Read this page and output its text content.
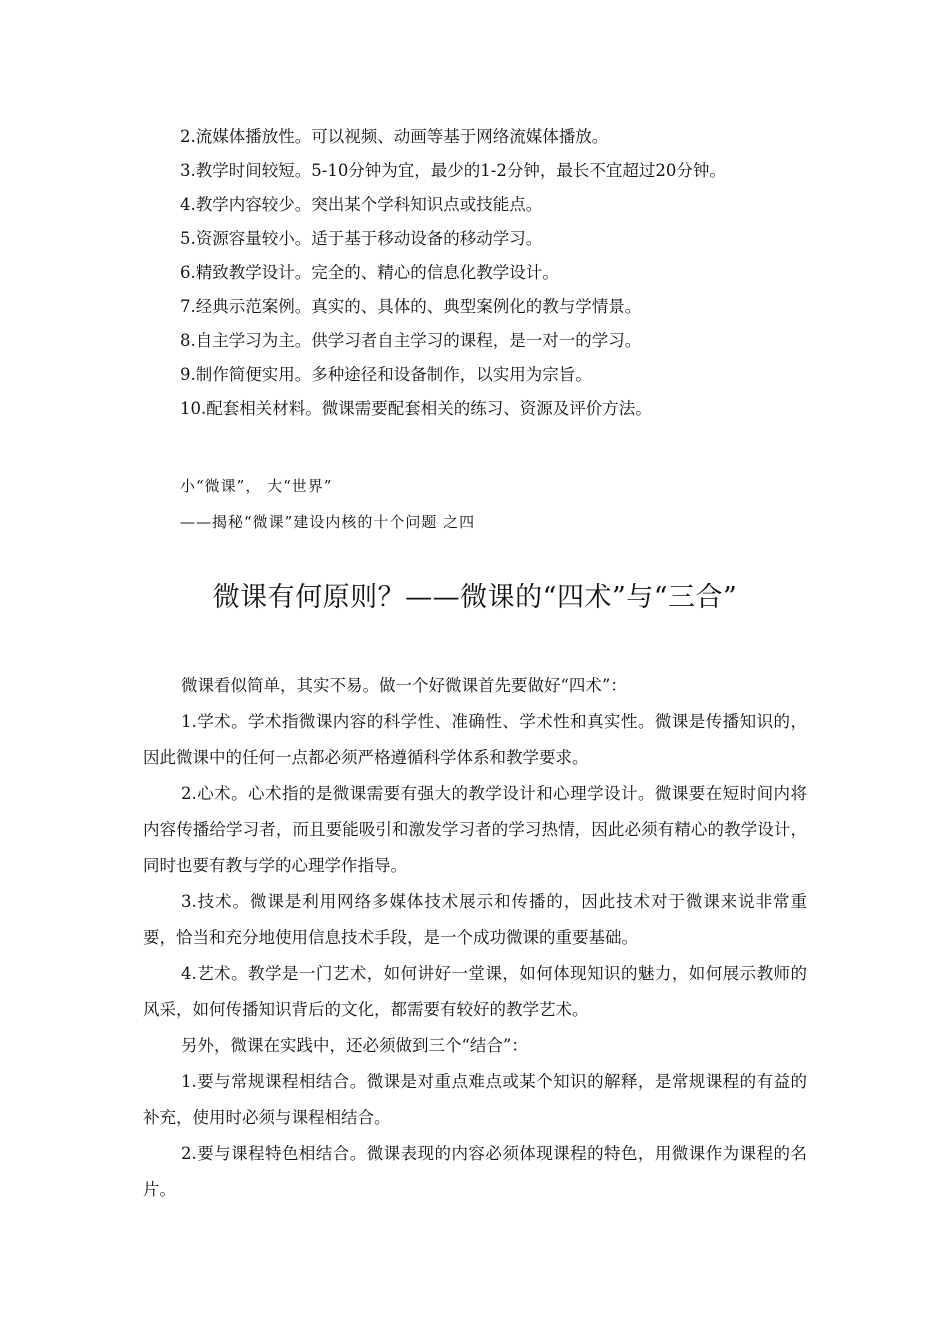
2.流媒体播放性。可以视频、动画等基于网络流媒体播放。
3.教学时间较短。5-10分钟为宜，最少的1-2分钟，最长不宜超过20分钟。
4.教学内容较少。突出某个学科知识点或技能点。
5.资源容量较小。适于基于移动设备的移动学习。
6.精致教学设计。完全的、精心的信息化教学设计。
7.经典示范案例。真实的、具体的、典型案例化的教与学情景。
8.自主学习为主。供学习者自主学习的课程，是一对一的学习。
9.制作简便实用。多种途径和设备制作，以实用为宗旨。
10.配套相关材料。微课需要配套相关的练习、资源及评价方法。
小“微课”， 大“世界”
——揭秘“微课”建设内核的十个问题 之四
微课有何原则？——微课的“四术”与“三合”

微课看似简单，其实不易。做一个好微课首先要做好“四术”：

1.学术。学术指微课内容的科学性、准确性、学术性和真实性。微课是传播知识的，因此微课中的任何一点都必须严格遵循科学体系和教学要求。

2.心术。心术指的是微课需要有强大的教学设计和心理学设计。微课要在短时间内将内容传播给学习者，而且要能吸引和激发学习者的学习热情，因此必须有精心的教学设计，同时也要有教与学的心理学作指导。

3.技术。微课是利用网络多媒体技术展示和传播的，因此技术对于微课来说非常重要，恰当和充分地使用信息技术手段，是一个成功微课的重要基础。

4.艺术。教学是一门艺术，如何讲好一堂课，如何体现知识的魅力，如何展示教师的风采，如何传播知识背后的文化，都需要有较好的教学艺术。

另外，微课在实践中，还必须做到三个“结合”：

1.要与常规课程相结合。微课是对重点难点或某个知识的解释，是常规课程的有益的补充，使用时必须与课程相结合。

2.要与课程特色相结合。微课表现的内容必须体现课程的特色，用微课作为课程的名片。
